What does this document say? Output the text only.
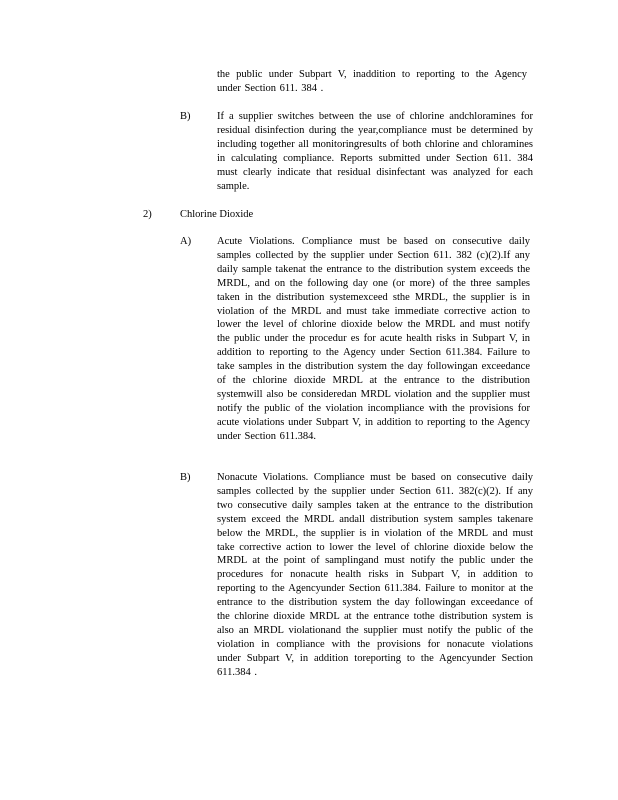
the public under Subpart V, inaddition to reporting to the Agency under Section 611. 384 .

B)	If a supplier switches between the use of chlorine andchloramines for residual disinfection during the year,compliance must be determined by including together all monitoringresults of both chlorine and chloramines in calculating compliance. Reports submitted under Section 611. 384 must clearly indicate that residual disinfectant was analyzed for each sample.

2)	Chlorine Dioxide
A) Acute Violations. Compliance must be based on consecutive daily samples collected by the supplier under Section 611. 382 (c)(2).If any daily sample takenat the entrance to the distribution system exceeds the MRDL, and on the following day one (or more) of the three samples taken in the distribution systemexceed sthe MRDL, the supplier is in violation of the MRDL and must take immediate corrective action to lower the level of chlorine dioxide below the MRDL and must notify the public under the procedur es for acute health risks in Subpart V, in addition to reporting to the Agency under Section 611.384. Failure to take samples in the distribution system the day followingan exceedance of the chlorine dioxide MRDL at the entrance to the distribution systemwill also be consideredan MRDL violation and the supplier must notify the public of the violation incompliance with the provisions for acute violations under Subpart V, in addition to reporting to the Agency under Section 611.384.

B)	Nonacute Violations. Compliance must be based on consecutive daily samples collected by the supplier under Section 611. 382(c)(2). If any two consecutive daily samples taken at the entrance to the distribution system exceed the MRDL andall distribution system samples takenare below the MRDL, the supplier is in violation of the MRDL and must take corrective action to lower the level of chlorine dioxide below the MRDL at the point of samplingand must notify the public under the procedures for nonacute health risks in Subpart V, in addition to reporting to the Agencyunder Section 611.384. Failure to monitor at the entrance to the distribution system the day followingan exceedance of the chlorine dioxide MRDL at the entrance tothe distribution system is also an MRDL violationand the supplier must notify the public of the violation in compliance with the provisions for nonacute violations under Subpart V, in addition toreporting to the Agencyunder Section 611.384 .
